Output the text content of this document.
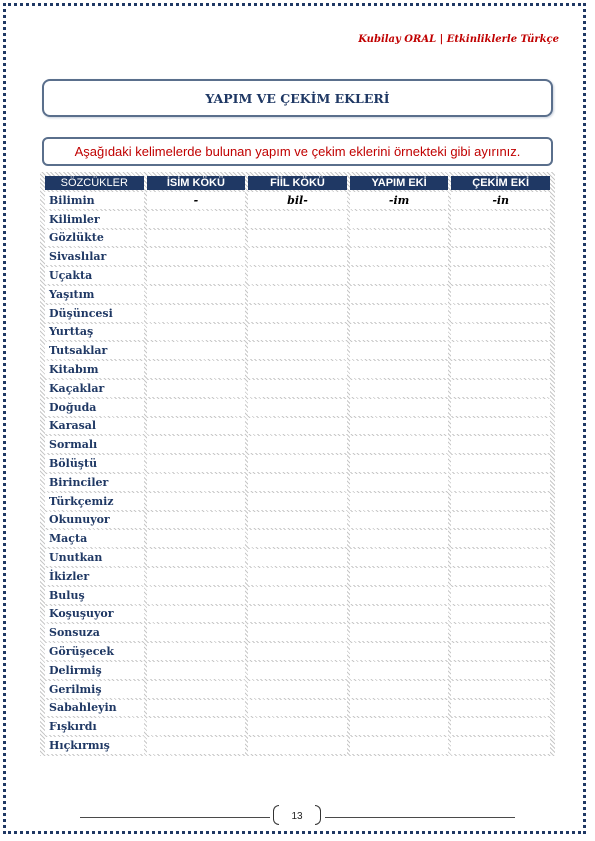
Kubilay ORAL | Etkinliklerle Türkçe
YAPIM VE ÇEKİM EKLERİ
Aşağıdaki kelimelerde bulunan yapım ve çekim eklerini örnekteki gibi ayırınız.
SÖZCÜKLER	İSİM KÖKÜ	FİİL KÖKÜ	YAPIM EKİ	ÇEKİM EKİ
Bilimin	-	bil-	-im	-in
Kilimler				
Gözlükte				
Sivaslılar				
Uçakta				
Yaşıtım				
Düşüncesi				
Yurttaş				
Tutsaklar				
Kitabım				
Kaçaklar				
Doğuda				
Karasal				
Sormalı				
Bölüştü				
Birinciler				
Türkçemiz				
Okunuyor				
Maçta				
Unutkan				
İkizler				
Buluş				
Koşuşuyor				
Sonsuza				
Görüşecek				
Delirmiş				
Gerilmiş				
Sabahleyin				
Fışkırdı				
Hıçkırmış				
13
